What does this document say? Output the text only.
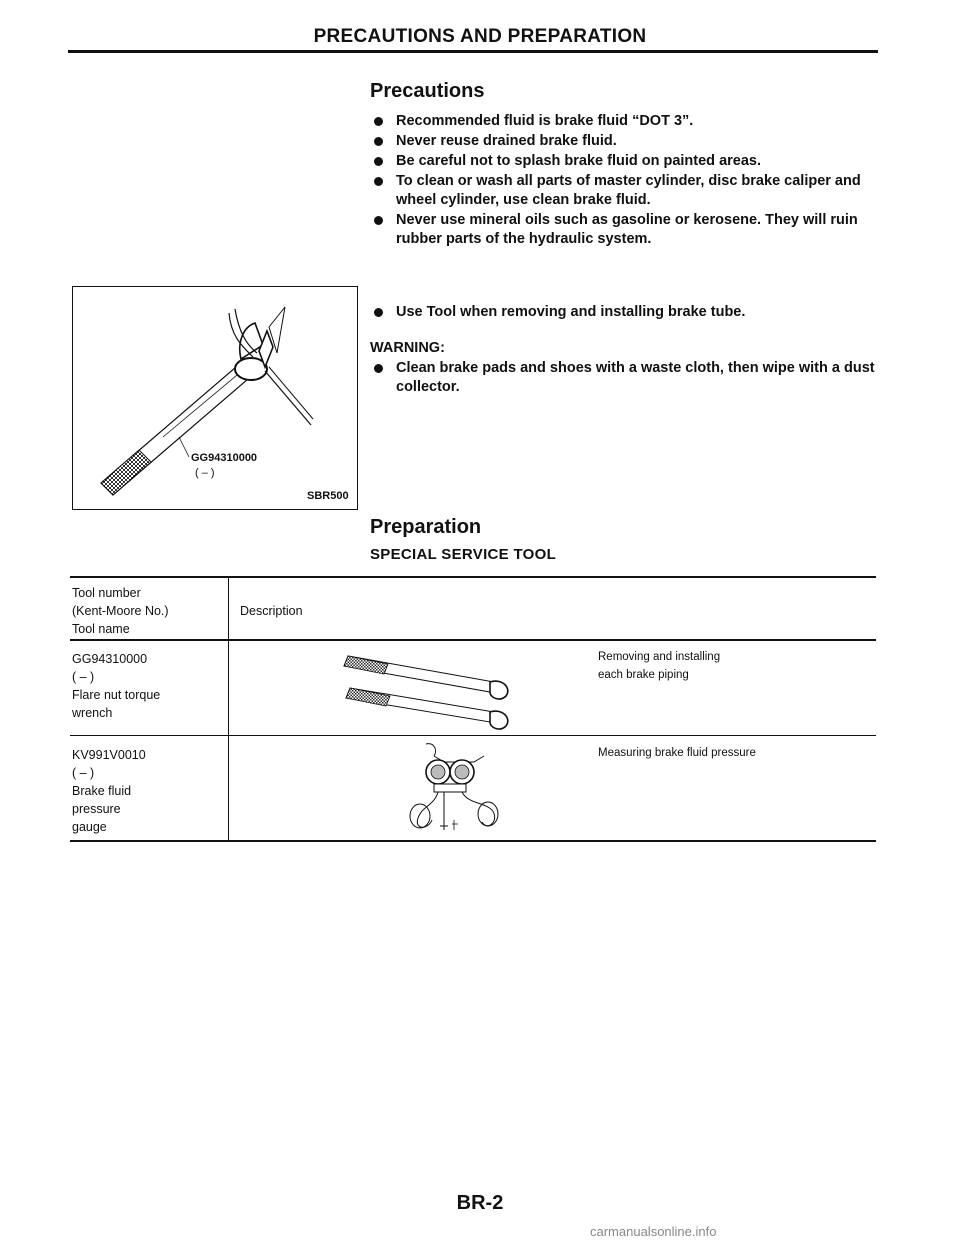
PRECAUTIONS AND PREPARATION
Precautions
Recommended fluid is brake fluid “DOT 3”.
Never reuse drained brake fluid.
Be careful not to splash brake fluid on painted areas.
To clean or wash all parts of master cylinder, disc brake caliper and wheel cylinder, use clean brake fluid.
Never use mineral oils such as gasoline or kerosene. They will ruin rubber parts of the hydraulic system.
GG94310000
( – )
SBR500
Use Tool when removing and installing brake tube.
WARNING:
Clean brake pads and shoes with a waste cloth, then wipe with a dust collector.
Preparation
SPECIAL SERVICE TOOL
Tool number
(Kent-Moore No.)
Tool name
Description
GG94310000
( – )
Flare nut torque
wrench
Removing and installing
each brake piping
KV991V0010
( – )
Brake fluid
pressure
gauge
Measuring brake fluid pressure
BR-2
carmanualsonline.info
